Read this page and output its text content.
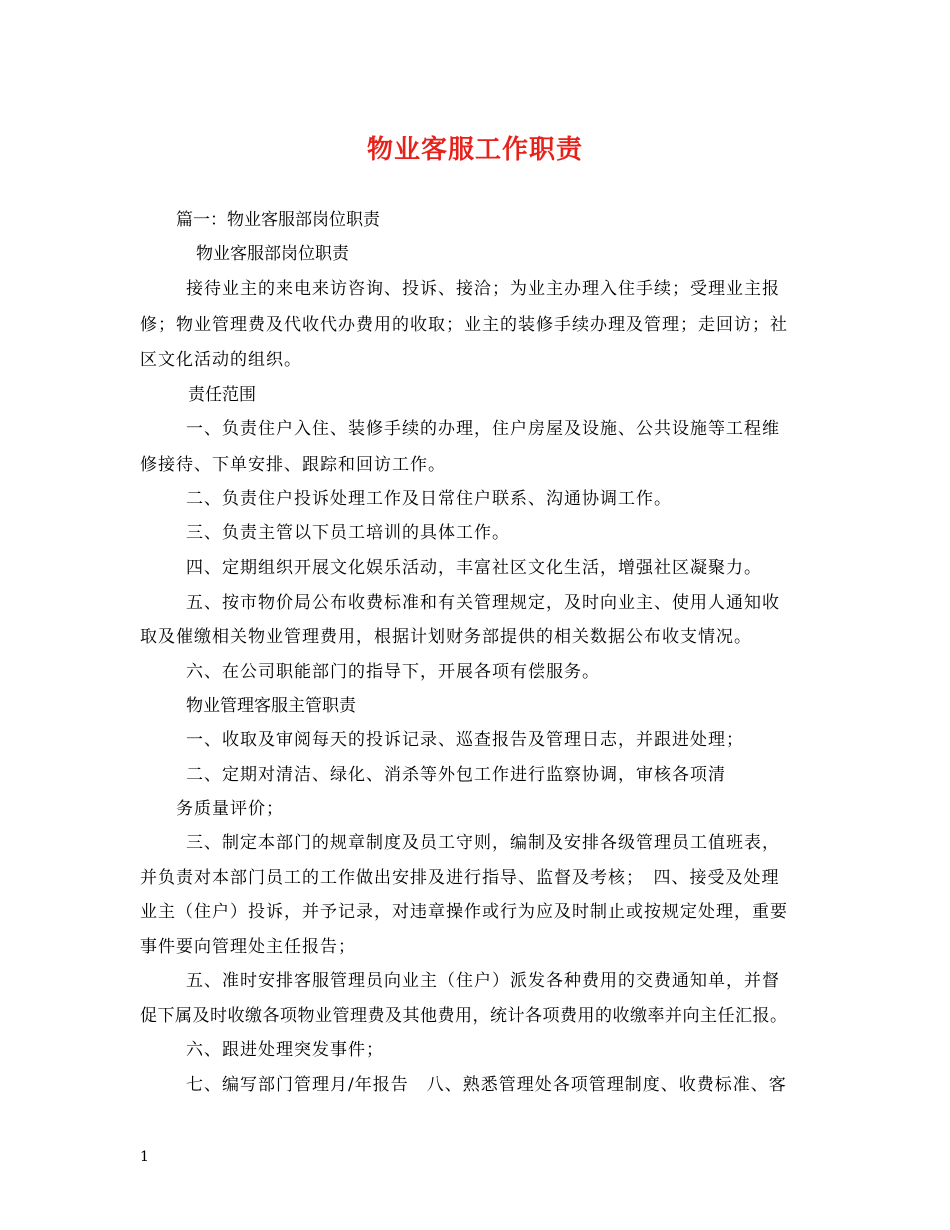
物业客服工作职责
篇一：物业客服部岗位职责
物业客服部岗位职责
接待业主的来电来访咨询、投诉、接洽；为业主办理入住手续；受理业主报
修；物业管理费及代收代办费用的收取；业主的装修手续办理及管理；走回访；社
区文化活动的组织。
责任范围
一、负责住户入住、装修手续的办理，住户房屋及设施、公共设施等工程维
修接待、下单安排、跟踪和回访工作。
二、负责住户投诉处理工作及日常住户联系、沟通协调工作。
三、负责主管以下员工培训的具体工作。
四、定期组织开展文化娱乐活动，丰富社区文化生活，增强社区凝聚力。
五、按市物价局公布收费标准和有关管理规定，及时向业主、使用人通知收
取及催缴相关物业管理费用，根据计划财务部提供的相关数据公布收支情况。
六、在公司职能部门的指导下，开展各项有偿服务。
物业管理客服主管职责
一、收取及审阅每天的投诉记录、巡查报告及管理日志，并跟进处理；
二、定期对清洁、绿化、消杀等外包工作进行监察协调，审核各项清
务质量评价；
三、制定本部门的规章制度及员工守则，编制及安排各级管理员工值班表，
并负责对本部门员工的工作做出安排及进行指导、监督及考核；　四、接受及处理
业主（住户）投诉，并予记录，对违章操作或行为应及时制止或按规定处理，重要
事件要向管理处主任报告；
五、准时安排客服管理员向业主（住户）派发各种费用的交费通知单，并督
促下属及时收缴各项物业管理费及其他费用，统计各项费用的收缴率并向主任汇报。
六、跟进处理突发事件；
七、编写部门管理月/年报告　八、熟悉管理处各项管理制度、收费标准、客
1
